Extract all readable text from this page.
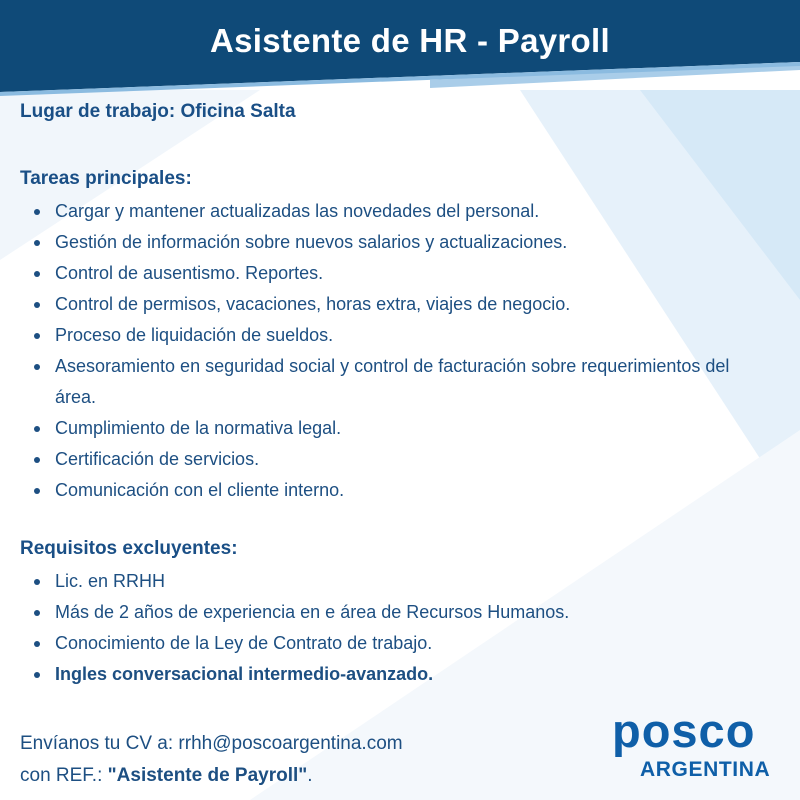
Asistente de HR - Payroll
Lugar de trabajo: Oficina Salta
Tareas principales:
Cargar y mantener actualizadas las novedades del personal.
Gestión de información sobre nuevos salarios y actualizaciones.
Control de ausentismo. Reportes.
Control de permisos, vacaciones, horas extra, viajes de negocio.
Proceso de liquidación de sueldos.
Asesoramiento en seguridad social y control de facturación sobre requerimientos del
área.
Cumplimiento de la normativa legal.
Certificación de servicios.
Comunicación con el cliente interno.
Requisitos excluyentes:
Lic. en RRHH
Más de 2 años de experiencia en e área de Recursos Humanos.
Conocimiento de la Ley de Contrato de trabajo.
Ingles conversacional intermedio-avanzado.
Envíanos tu CV a: rrhh@poscoargentina.com
con REF.: "Asistente de Payroll".
posco
ARGENTINA
